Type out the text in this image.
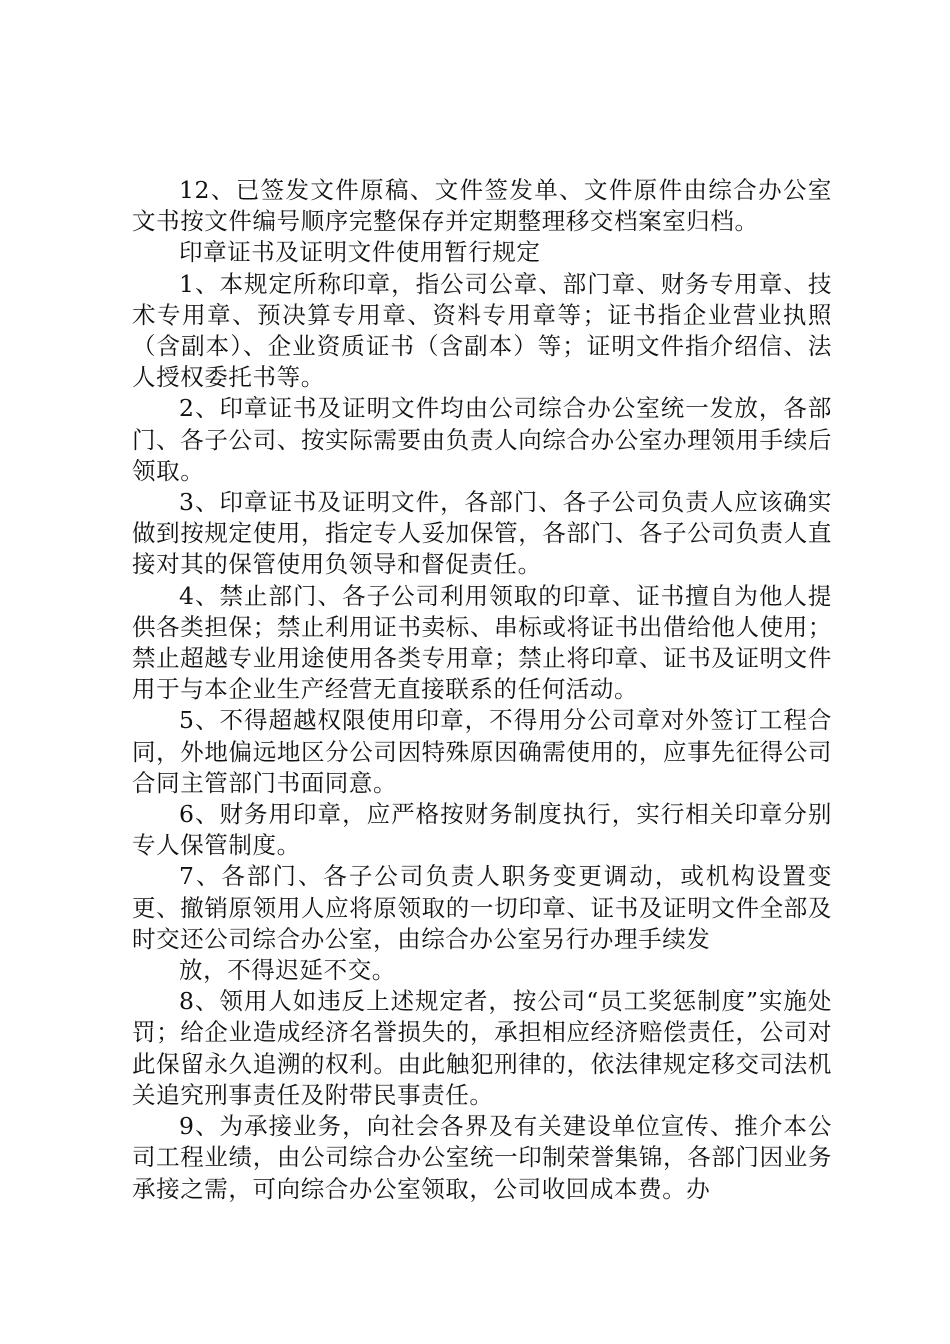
12、已签发文件原稿、文件签发单、文件原件由综合办公室文书按文件编号顺序完整保存并定期整理移交档案室归档。

印章证书及证明文件使用暂行规定

1、本规定所称印章，指公司公章、部门章、财务专用章、技术专用章、预决算专用章、资料专用章等；证书指企业营业执照（含副本）、企业资质证书（含副本）等；证明文件指介绍信、法人授权委托书等。

2、印章证书及证明文件均由公司综合办公室统一发放，各部门、各子公司、按实际需要由负责人向综合办公室办理领用手续后领取。

3、印章证书及证明文件，各部门、各子公司负责人应该确实做到按规定使用，指定专人妥加保管，各部门、各子公司负责人直接对其的保管使用负领导和督促责任。

4、禁止部门、各子公司利用领取的印章、证书擅自为他人提供各类担保；禁止利用证书卖标、串标或将证书出借给他人使用；禁止超越专业用途使用各类专用章；禁止将印章、证书及证明文件用于与本企业生产经营无直接联系的任何活动。

5、不得超越权限使用印章，不得用分公司章对外签订工程合同，外地偏远地区分公司因特殊原因确需使用的，应事先征得公司合同主管部门书面同意。

6、财务用印章，应严格按财务制度执行，实行相关印章分别专人保管制度。

7、各部门、各子公司负责人职务变更调动，或机构设置变更、撤销原领用人应将原领取的一切印章、证书及证明文件全部及时交还公司综合办公室，由综合办公室另行办理手续发

放，不得迟延不交。

8、领用人如违反上述规定者，按公司“员工奖惩制度”实施处罚；给企业造成经济名誉损失的，承担相应经济赔偿责任，公司对此保留永久追溯的权利。由此触犯刑律的，依法律规定移交司法机关追究刑事责任及附带民事责任。

9、为承接业务，向社会各界及有关建设单位宣传、推介本公司工程业绩，由公司综合办公室统一印制荣誉集锦，各部门因业务承接之需，可向综合办公室领取，公司收回成本费。办
